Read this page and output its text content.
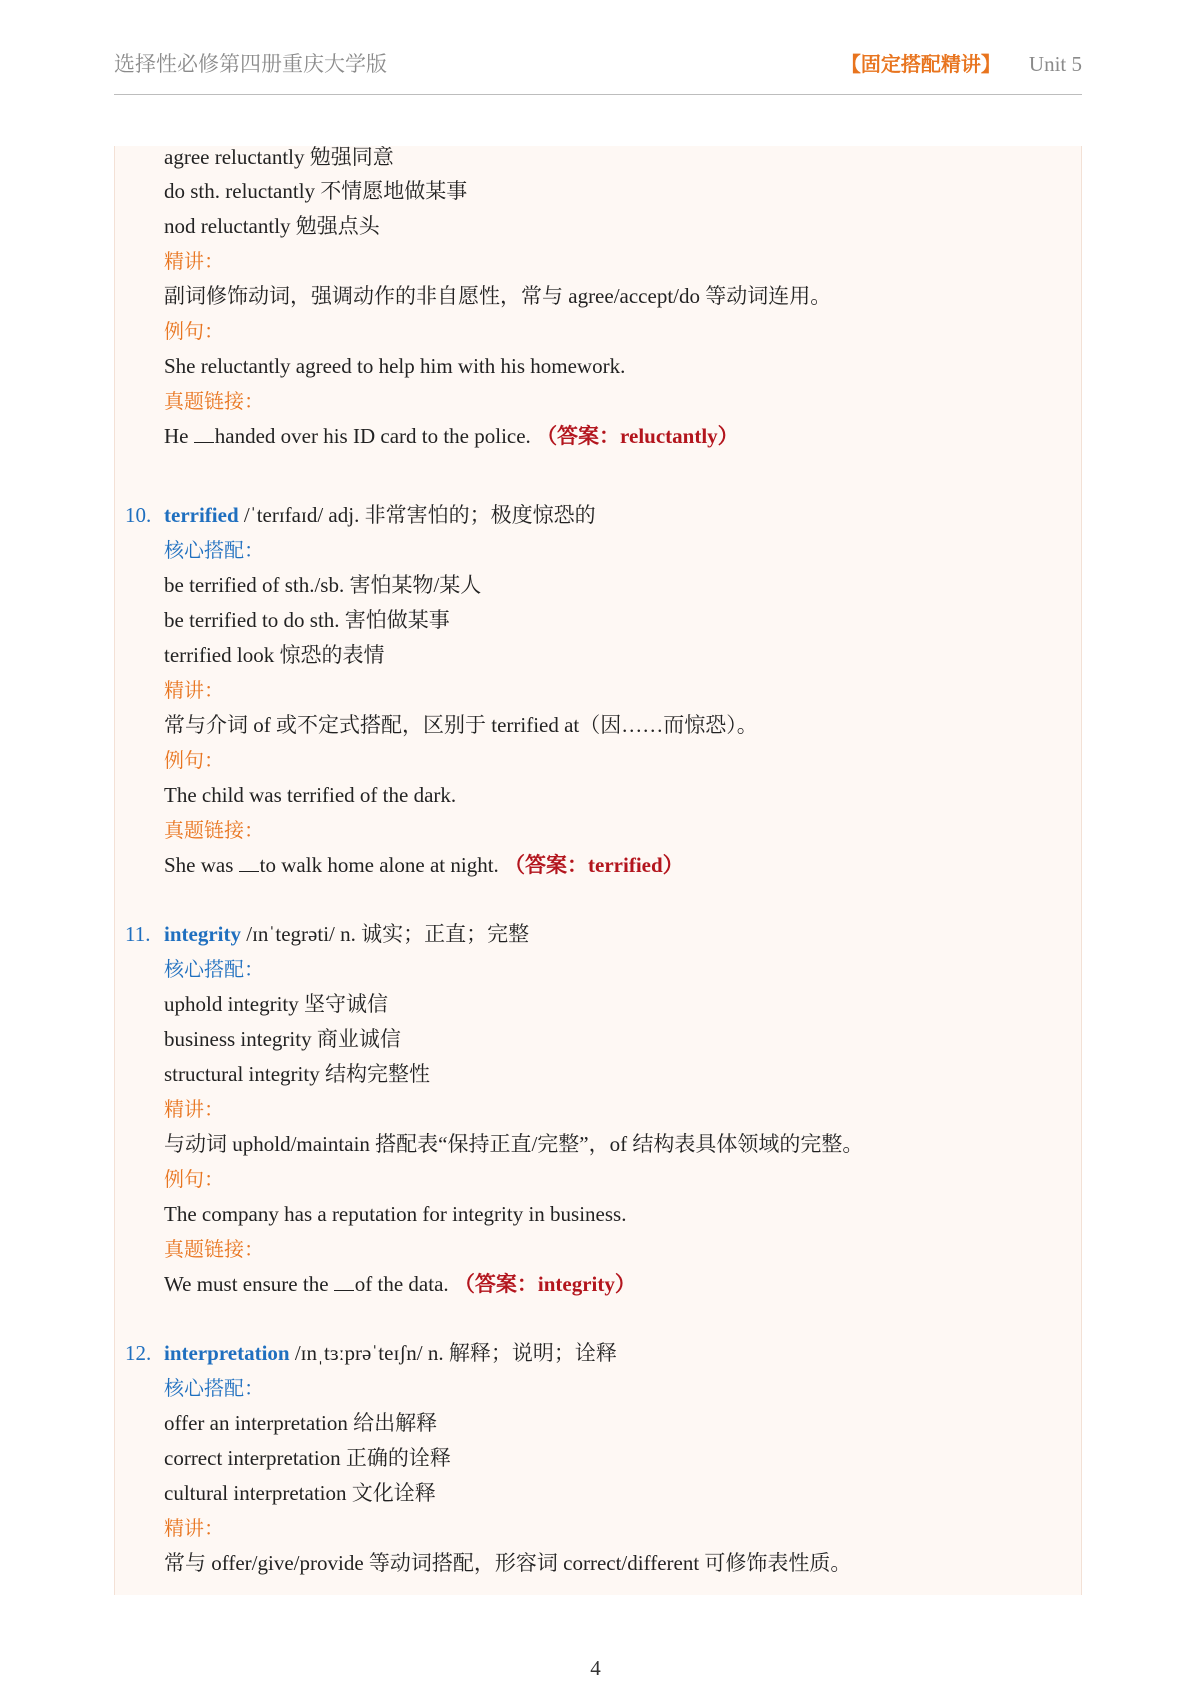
选择性必修第四册重庆大学版	【固定搭配精讲】 Unit 5
agree reluctantly 勉强同意
do sth. reluctantly 不情愿地做某事
nod reluctantly 勉强点头
精讲：
副词修饰动词，强调动作的非自愿性，常与 agree/accept/do 等动词连用。
例句：
She reluctantly agreed to help him with his homework.
真题链接：
He handed over his ID card to the police. （答案：reluctantly）
10. terrified /ˈterɪfaɪd/ adj. 非常害怕的；极度惊恐的
核心搭配：
be terrified of sth./sb. 害怕某物/某人
be terrified to do sth. 害怕做某事
terrified look 惊恐的表情
精讲：
常与介词 of 或不定式搭配，区别于 terrified at（因……而惊恐）。
例句：
The child was terrified of the dark.
真题链接：
She was to walk home alone at night. （答案：terrified）
11. integrity /ɪnˈtegrəti/ n. 诚实；正直；完整
核心搭配：
uphold integrity 坚守诚信
business integrity 商业诚信
structural integrity 结构完整性
精讲：
与动词 uphold/maintain 搭配表“保持正直/完整”，of 结构表具体领域的完整。
例句：
The company has a reputation for integrity in business.
真题链接：
We must ensure the of the data. （答案：integrity）
12. interpretation /ɪnˌtɜːprəˈteɪʃn/ n. 解释；说明；诠释
核心搭配：
offer an interpretation 给出解释
correct interpretation 正确的诠释
cultural interpretation 文化诠释
精讲：
常与 offer/give/provide 等动词搭配，形容词 correct/different 可修饰表性质。
4
